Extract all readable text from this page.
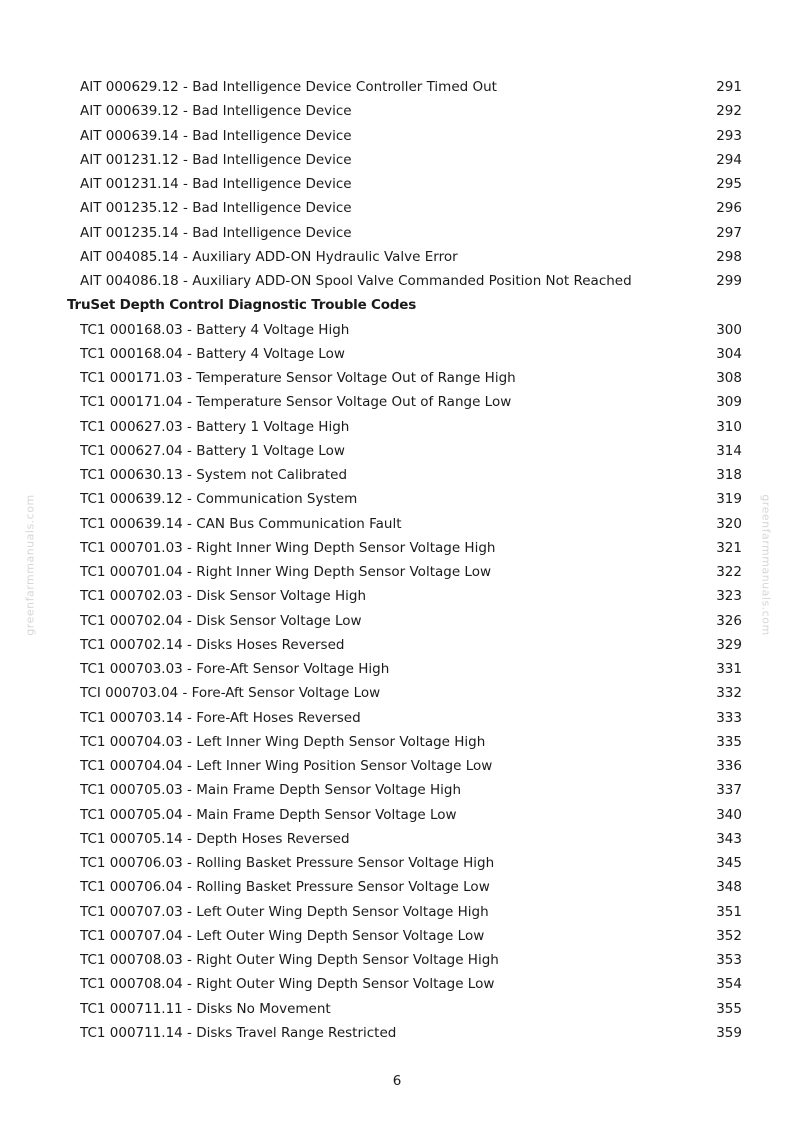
greenfarmmanuals.com	greenfarmmanuals.com
AIT 000629.12 - Bad Intelligence Device Controller Timed Out	291
AIT 000639.12 - Bad Intelligence Device	292
AIT 000639.14 - Bad Intelligence Device	293
AIT 001231.12 - Bad Intelligence Device	294
AIT 001231.14 - Bad Intelligence Device	295
AIT 001235.12 - Bad Intelligence Device	296
AIT 001235.14 - Bad Intelligence Device	297
AIT 004085.14 - Auxiliary ADD-ON Hydraulic Valve Error	298
AIT 004086.18 - Auxiliary ADD-ON Spool Valve Commanded Position Not Reached	299
TruSet Depth Control Diagnostic Trouble Codes
TC1 000168.03 - Battery 4 Voltage High	300
TC1 000168.04 - Battery 4 Voltage Low	304
TC1 000171.03 - Temperature Sensor Voltage Out of Range High	308
TC1 000171.04 - Temperature Sensor Voltage Out of Range Low	309
TC1 000627.03 - Battery 1 Voltage High	310
TC1 000627.04 - Battery 1 Voltage Low	314
TC1 000630.13 - System not Calibrated	318
TC1 000639.12 - Communication System	319
TC1 000639.14 - CAN Bus Communication Fault	320
TC1 000701.03 - Right Inner Wing Depth Sensor Voltage High	321
TC1 000701.04 - Right Inner Wing Depth Sensor Voltage Low	322
TC1 000702.03 - Disk Sensor Voltage High	323
TC1 000702.04 - Disk Sensor Voltage Low	326
TC1 000702.14 - Disks Hoses Reversed	329
TC1 000703.03 - Fore-Aft Sensor Voltage High	331
TCI 000703.04 - Fore-Aft Sensor Voltage Low	332
TC1 000703.14 - Fore-Aft Hoses Reversed	333
TC1 000704.03 - Left Inner Wing Depth Sensor Voltage High	335
TC1 000704.04 - Left Inner Wing Position Sensor Voltage Low	336
TC1 000705.03 - Main Frame Depth Sensor Voltage High	337
TC1 000705.04 - Main Frame Depth Sensor Voltage Low	340
TC1 000705.14 - Depth Hoses Reversed	343
TC1 000706.03 - Rolling Basket Pressure Sensor Voltage High	345
TC1 000706.04 - Rolling Basket Pressure Sensor Voltage Low	348
TC1 000707.03 - Left Outer Wing Depth Sensor Voltage High	351
TC1 000707.04 - Left Outer Wing Depth Sensor Voltage Low	352
TC1 000708.03 - Right Outer Wing Depth Sensor Voltage High	353
TC1 000708.04 - Right Outer Wing Depth Sensor Voltage Low	354
TC1 000711.11 - Disks No Movement	355
TC1 000711.14 - Disks Travel Range Restricted	359
6
